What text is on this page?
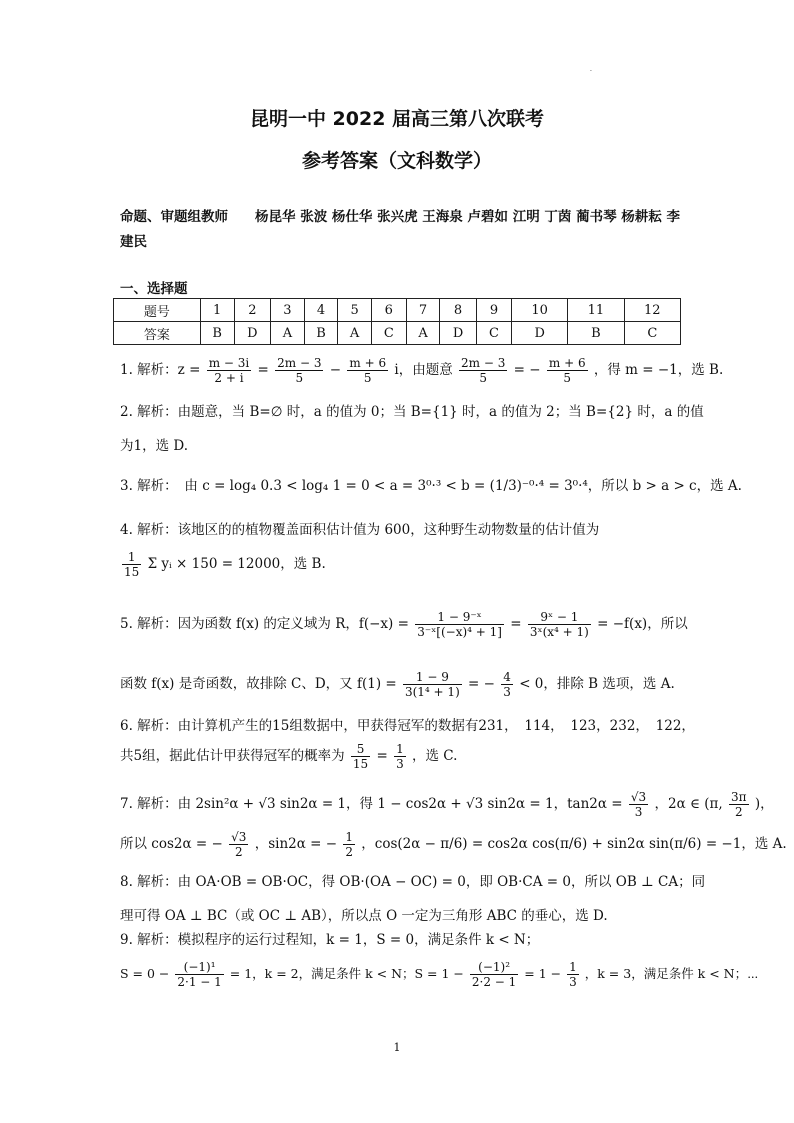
·
昆明一中 2022 届高三第八次联考
参考答案（文科数学）
命题、审题组教师　　杨昆华 张波 杨仕华 张兴虎 王海泉 卢碧如 江明 丁茵 蔺书琴 杨耕耘 李建民
一、选择题
题号	1	2	3	4	5	6	7	8	9	10	11	12
答案	B	D	A	B	A	C	A	D	C	D	B	C
1. 解析：$z = \frac{m - 3i}{2 + i} = \frac{2m - 3}{5} - \frac{m + 6}{5}$ i，由题意 $\frac{2m - 3}{5}$ = − $\frac{m + 6}{5}$ ，得 m = −1，选 B.
2. 解析：由题意，当 B=∅ 时，a 的值为 0；当 B={1} 时，a 的值为 2；当 B={2} 时，a 的值
为1，选 D.
3. 解析：　由 c = log₄ 0.3 < log₄ 1 = 0 < a = 3⁰·³ < b = (1/3)⁻⁰·⁴ = 3⁰·⁴，所以 b > a > c，选 A.
4. 解析：该地区的的植物覆盖面积估计值为 600，这种野生动物数量的估计值为
$\frac{1}{15}$ Σ yᵢ × 150 = 12000，选 B.
5. 解析：因为函数 f(x) 的定义域为 R，$f(-x) = \frac{\text{1 − 9⁻ˣ}}{\text{3⁻ˣ[(−x)⁴ + 1]}} = \frac{\text{9ˣ − 1}}{\text{3ˣ(x⁴ + 1)}} = -f(x)$，所以
函数 f(x) 是奇函数，故排除 C、D，又 $f(1) = \frac{1 - 9}{\text{3(1⁴ + 1)}}$ = − $\frac{4}{3} < 0$，排除 B 选项，选 A.
6. 解析：由计算机产生的15组数据中，甲获得冠军的数据有231，　114，　123，232，　122，
共5组，据此估计甲获得冠军的概率为 $\frac{5}{15} = \frac{1}{3}$ ，选 C.
7. 解析：由 2sin²α + √3 sin2α = 1，得 1 − cos2α + √3 sin2α = 1，$\tan 2\alpha = \frac{√3}{3}$ ，2α ∈ (π, $\frac{3\pi}{2}$ )，
所以 cos2α = − $\frac{√3}{2}$ ，sin2α = − $\frac{1}{2}$ ，cos(2α − π/6) = cos2α cos(π/6) + sin2α sin(π/6) = −1，选 A.
8. 解析：由 OA·OB = OB·OC，得 OB·(OA − OC) = 0，即 OB·CA = 0，所以 OB ⊥ CA；同
理可得 OA ⊥ BC（或 OC ⊥ AB），所以点 O 一定为三角形 ABC 的垂心，选 D.
9. 解析：模拟程序的运行过程知，k = 1，S = 0，满足条件 k < N；
$S = 0 - \frac{\text{(−1)¹}}{2\cdot 1 - 1} = 1$，k = 2，满足条件 k < N；$S = 1 - \frac{\text{(−1)²}}{2\cdot 2 - 1} = 1 - \frac{1}{3}$ ，k = 3，满足条件 k < N；⋯
1
